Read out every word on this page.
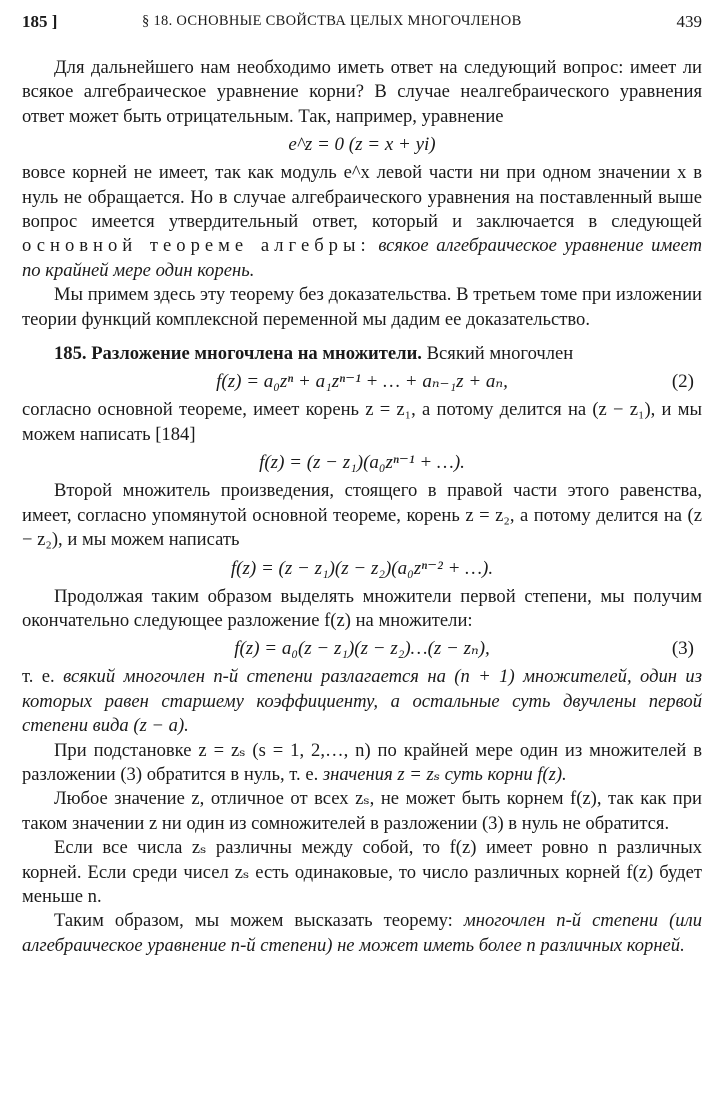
185 ]	§ 18. ОСНОВНЫЕ СВОЙСТВА ЦЕЛЫХ МНОГОЧЛЕНОВ	439

Для дальнейшего нам необходимо иметь ответ на следующий вопрос: имеет ли всякое алгебраическое уравнение корни? В случае неалгебраического уравнения ответ может быть отрицательным. Так, например, уравнение

e^z = 0 (z = x + yi)

вовсе корней не имеет, так как модуль e^x левой части ни при одном значении x в нуль не обращается. Но в случае алгебраического уравнения на поставленный выше вопрос имеется утвердительный ответ, который и заключается в следующей основной теореме алгебры: всякое алгебраическое уравнение имеет по крайней мере один корень.

Мы примем здесь эту теорему без доказательства. В третьем томе при изложении теории функций комплексной переменной мы дадим ее доказательство.

185. Разложение многочлена на множители. Всякий многочлен

f(z) = a₀zⁿ + a₁zⁿ⁻¹ + … + aₙ₋₁z + aₙ,	(2)

согласно основной теореме, имеет корень z = z₁, а потому делится на (z − z₁), и мы можем написать [184]

f(z) = (z − z₁)(a₀zⁿ⁻¹ + …).

Второй множитель произведения, стоящего в правой части этого равенства, имеет, согласно упомянутой основной теореме, корень z = z₂, а потому делится на (z − z₂), и мы можем написать

f(z) = (z − z₁)(z − z₂)(a₀zⁿ⁻² + …).

Продолжая таким образом выделять множители первой степени, мы получим окончательно следующее разложение f(z) на множители:

f(z) = a₀(z − z₁)(z − z₂)…(z − zₙ),	(3)

т. е. всякий многочлен n-й степени разлагается на (n + 1) множителей, один из которых равен старшему коэффициенту, а остальные суть двучлены первой степени вида (z − a).

При подстановке z = zₛ (s = 1, 2,…, n) по крайней мере один из множителей в разложении (3) обратится в нуль, т. е. значения z = zₛ суть корни f(z).

Любое значение z, отличное от всех zₛ, не может быть корнем f(z), так как при таком значении z ни один из сомножителей в разложении (3) в нуль не обратится.

Если все числа zₛ различны между собой, то f(z) имеет ровно n различных корней. Если среди чисел zₛ есть одинаковые, то число различных корней f(z) будет меньше n.

Таким образом, мы можем высказать теорему: многочлен n-й степени (или алгебраическое уравнение n-й степени) не может иметь более n различных корней.
